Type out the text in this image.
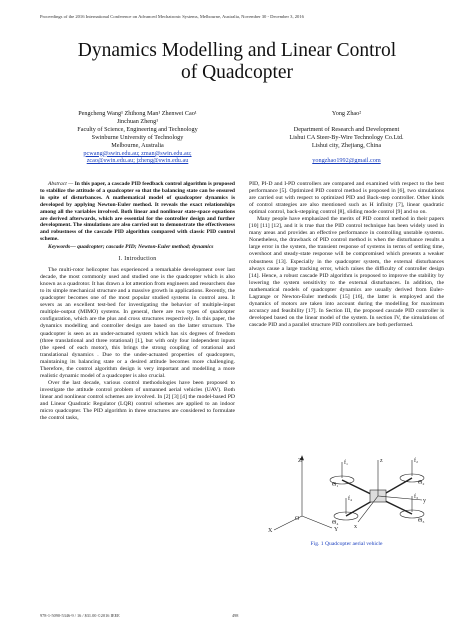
Proceedings of the 2016 International Conference on Advanced Mechatronic Systems, Melbourne, Australia, November 30 - December 3, 2016
Dynamics Modelling and Linear Control
of Quadcopter
Pengcheng Wang¹ Zhihong Man¹ Zhenwei Cao¹
Jinchuan Zheng¹
Faculty of Science, Engineering and Technology
Swinburne University of Technology
Melbourne, Australia
pcwang@swin.edu.au; zman@swin.edu.au;
zcao@swin.edu.au; jzheng@swin.edu.au
Yong Zhao²
Department of Research and Development
Lishui CA Steer-By-Wire Technology Co.Ltd.
Lishui city, Zhejiang, China
yongzhao1992@gmail.com

Abstract — In this paper, a cascade PID feedback control algorithm is proposed to stabilize the attitude of a quadcopter so that the balancing state can be ensured in spite of disturbances. A mathematical model of quadcopter dynamics is developed by applying Newton-Euler method. It reveals the exact relationships among all the variables involved. Both linear and nonlinear state-space equations are derived afterwards, which are essential for the controller design and further development. The simulations are also carried out to demonstrate the effectiveness and robustness of the cascade PID algorithm compared with classic PID control scheme.

Keywords— quadcopter; cascade PID; Newton-Euler method; dynamics

I. Introduction

The multi-rotor helicopter has experienced a remarkable development over last decade, the most commonly used and studied one is the quadcopter which is also known as a quadrotor. It has drawn a lot attention from engineers and researchers due to its simple mechanical structure and a massive growth in applications. Recently, the quadcopter becomes one of the most popular studied systems in control area. It severs as an excellent test-bed for investigating the behavior of multiple-input multiple-output (MIMO) systems. In general, there are two types of quadcopter configuration, which are the plus and cross structures respectively. In this paper, the dynamics modelling and controller design are based on the latter structure. The quadcopter is seen as an under-actuated system which has six degrees of freedom (three translational and three rotational) [1], but with only four independent inputs (the speed of each motor), this brings the strong coupling of rotational and translational dynamics . Due to the under-actuated properties of quadcopters, maintaining its balancing state or a desired attitude becomes more challenging. Therefore, the control algorithm design is very important and modelling a more realistic dynamic model of a quadcopter is also crucial.

Over the last decade, various control methodologies have been proposed to investigate the attitude control problem of unmanned aerial vehicles (UAV). Both linear and nonlinear control schemes are involved. In [2] [3] [4] the model-based PD and Linear Quadratic Regulator (LQR) control schemes are applied to an indoor micro quadcopter. The PID algorithm in three structures are considered to formulate the control tasks,

PID, PI-D and I-PD controllers are compared and examined with respect to the best performance [5]. Optimized PID control method is proposed in [6], two simulations are carried out with respect to optimized PID and Back-step controller. Other kinds of control strategies are also mentioned such as H infinity [7], linear quadratic optimal control, back-stepping control [8], sliding mode control [9] and so on.

Many people have emphasized the merits of PID control method in their papers [10] [11] [12], and it is true that the PID control technique has been widely used in many areas and provides an effective performance in controlling unstable systems. Nonetheless, the drawback of PID control method is when the disturbance results a large error in the system, the transient response of systems in terms of settling time, overshoot and steady-state response will be compromised which presents a weaker robustness [13]. Especially in the quadcopter system, the external disturbances always cause a large tracking error, which raises the difficulty of controller design [14]. Hence, a robust cascade PID algorithm is proposed to improve the stability by lowering the system sensitivity to the external disturbances. In addition, the mathematical models of quadcopter dynamics are usually derived from Euler-Lagrange or Newton-Euler methods [15] [16], the latter is employed and the dynamics of motors are taken into account during the modelling for maximum accuracy and feasibility [17]. In Section III, the proposed cascade PID controller is developed based on the linear model of the system. In section IV, the simulations of cascade PID and a parallel structure PID controllers are both performed.

Z
Y
X
O
z
y
x
f₁	f₂
f₃
f₄
Θ₁	Θ₂
Θ₃
Θ₄
Fig. 1 Quadcopter aerial vehicle
978-1-5090-5346-9 / 16 / $31.00 ©2016 IEEE	498
